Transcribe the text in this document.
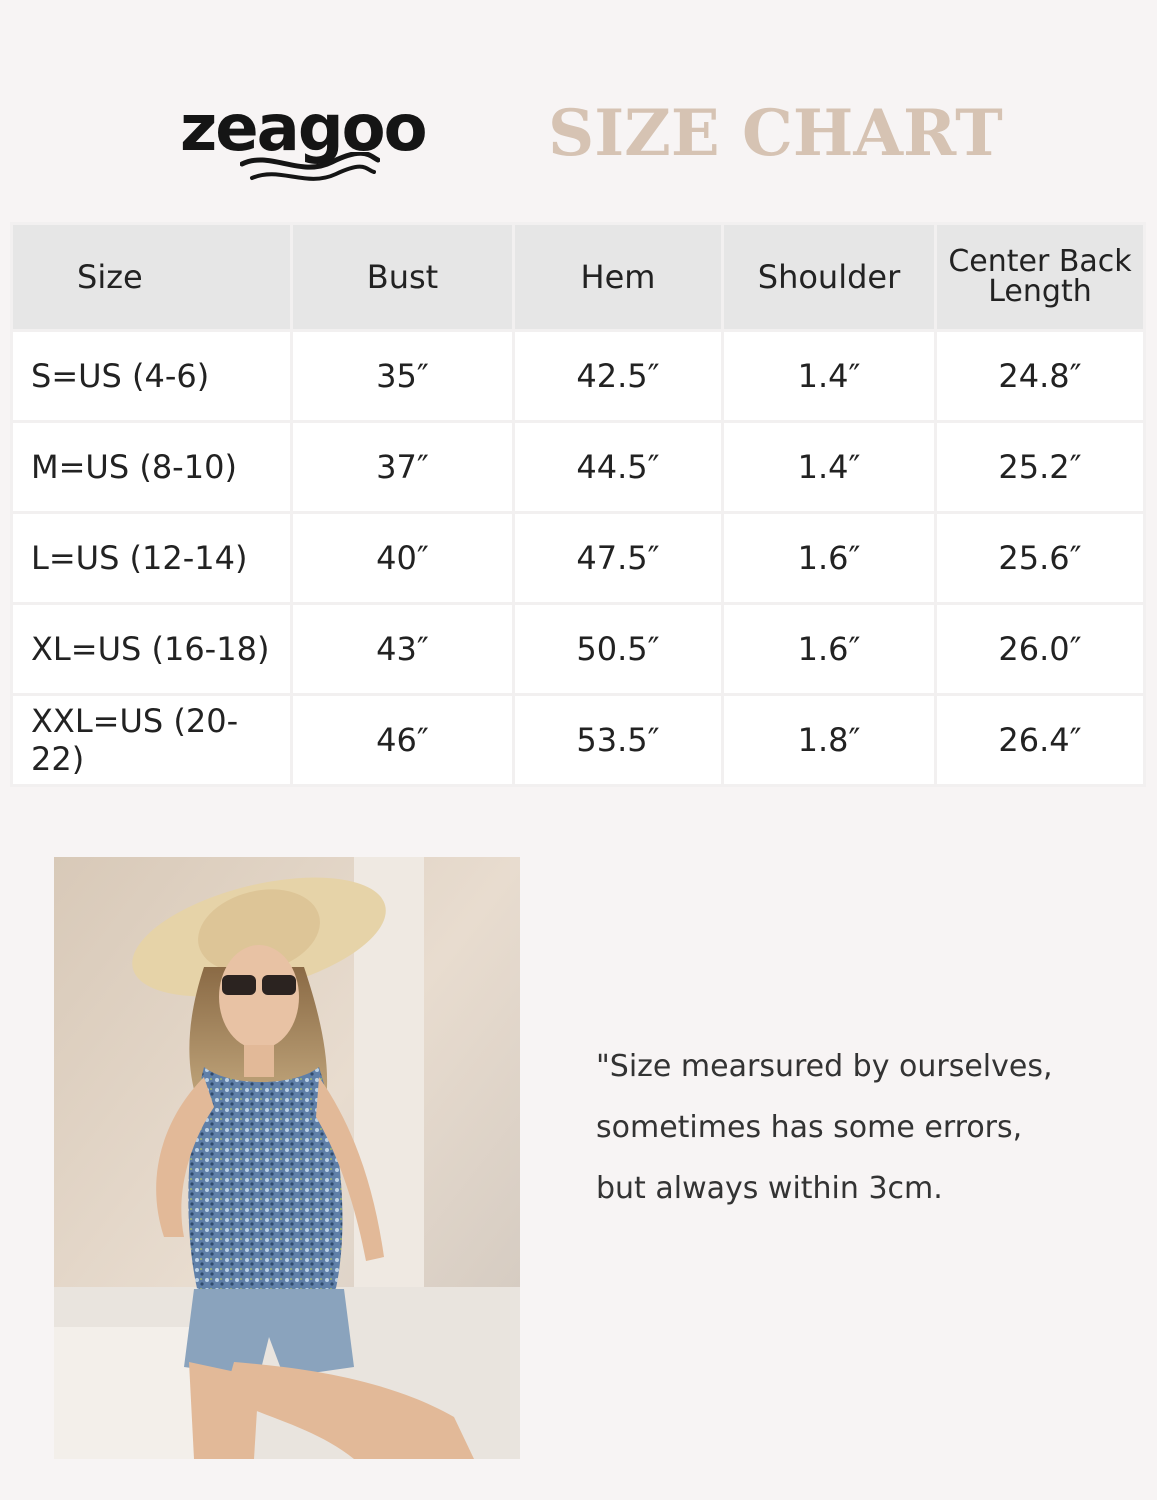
zeagoo SIZE CHART
Size	Bust	Hem	Shoulder	Center Back Length
S=US (4-6)	35″	42.5″	1.4″	24.8″
M=US (8-10)	37″	44.5″	1.4″	25.2″
L=US (12-14)	40″	47.5″	1.6″	25.6″
XL=US (16-18)	43″	50.5″	1.6″	26.0″
XXL=US (20-22)	46″	53.5″	1.8″	26.4″

"Size mearsured by ourselves,

sometimes has some errors,

but always within 3cm.
